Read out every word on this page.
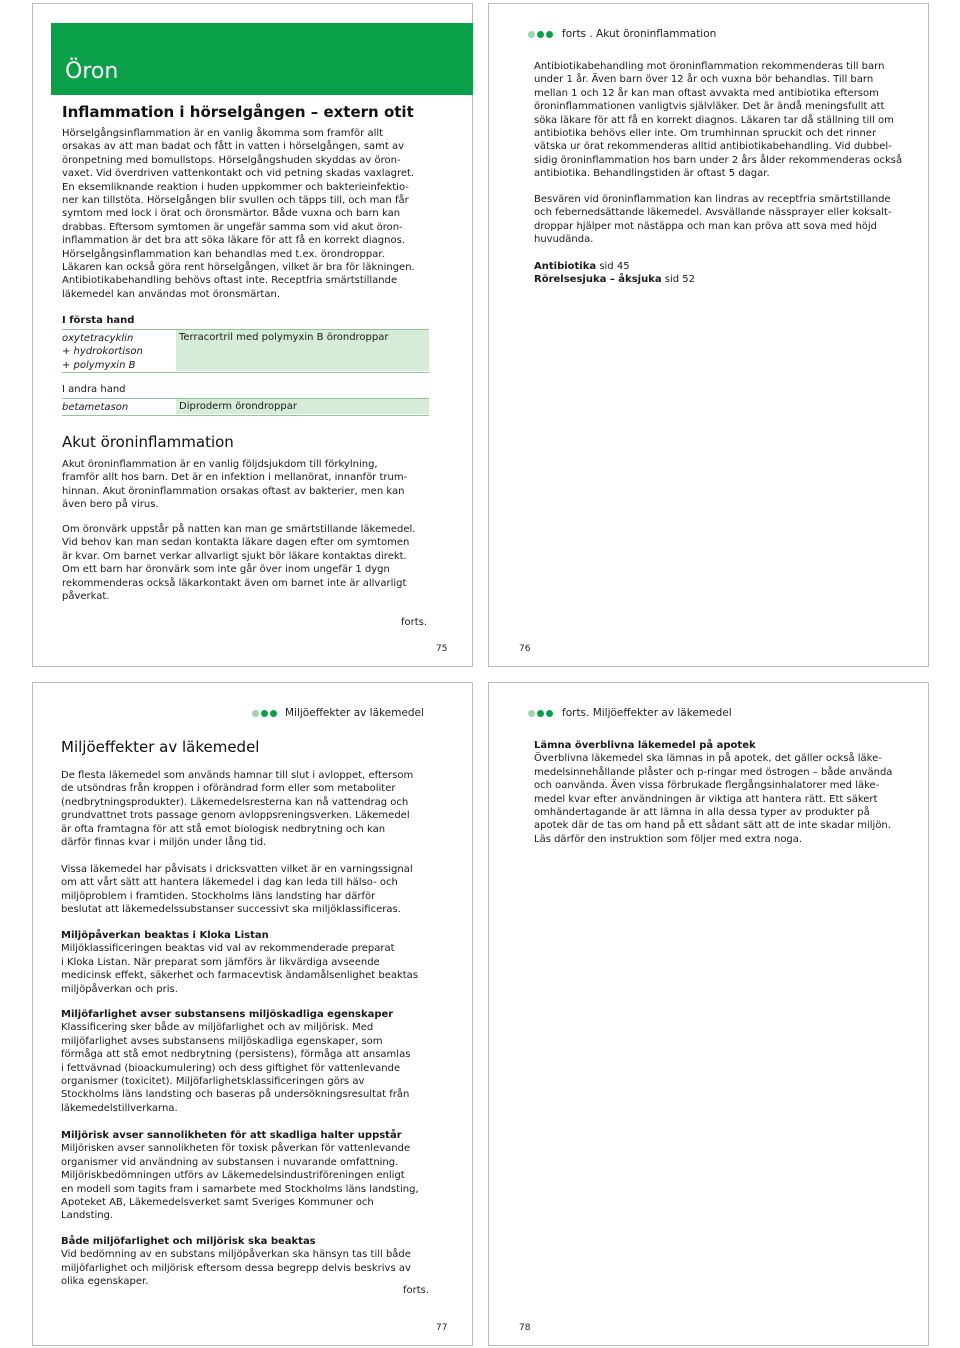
Öron
Inflammation i hörselgången – extern otit
Hörselgångsinflammation är en vanlig åkomma som framför allt
orsakas av att man badat och fått in vatten i hörselgången, samt av
öronpetning med bomullstops. Hörselgångshuden skyddas av öron-
vaxet. Vid överdriven vattenkontakt och vid petning skadas vaxlagret.
En eksemliknande reaktion i huden uppkommer och bakterieinfektio-
ner kan tillstöta. Hörselgången blir svullen och täpps till, och man får
symtom med lock i örat och öronsmärtor. Både vuxna och barn kan
drabbas. Eftersom symtomen är ungefär samma som vid akut öron-
inflammation är det bra att söka läkare för att få en korrekt diagnos.
Hörselgångsinflammation kan behandlas med t.ex. örondroppar.
Läkaren kan också göra rent hörselgången, vilket är bra för läkningen.
Antibiotikabehandling behövs oftast inte. Receptfria smärtstillande
läkemedel kan användas mot öronsmärtan.
I första hand
oxytetracyklin
+ hydrokortison
+ polymyxin B
Terracortril med polymyxin B örondroppar
I andra hand
betametason	Diproderm örondroppar
Akut öroninflammation
Akut öroninflammation är en vanlig följdsjukdom till förkylning,
framför allt hos barn. Det är en infektion i mellanörat, innanför trum-
hinnan. Akut öroninflammation orsakas oftast av bakterier, men kan
även bero på virus.
Om öronvärk uppstår på natten kan man ge smärtstillande läkemedel.
Vid behov kan man sedan kontakta läkare dagen efter om symtomen
är kvar. Om barnet verkar allvarligt sjukt bör läkare kontaktas direkt.
Om ett barn har öronvärk som inte går över inom ungefär 1 dygn
rekommenderas också läkarkontakt även om barnet inte är allvarligt
påverkat.
forts.
75
forts . Akut öroninflammation
Antibiotikabehandling mot öroninflammation rekommenderas till barn
under 1 år. Även barn över 12 år och vuxna bör behandlas. Till barn
mellan 1 och 12 år kan man oftast avvakta med antibiotika eftersom
öroninflammationen vanligtvis självläker. Det är ändå meningsfullt att
söka läkare för att få en korrekt diagnos. Läkaren tar då ställning till om
antibiotika behövs eller inte. Om trumhinnan spruckit och det rinner
vätska ur örat rekommenderas alltid antibiotikabehandling. Vid dubbel-
sidig öroninflammation hos barn under 2 års ålder rekommenderas också
antibiotika. Behandlingstiden är oftast 5 dagar.
Besvären vid öroninflammation kan lindras av receptfria smärtstillande
och febernedsättande läkemedel. Avsvällande nässprayer eller koksalt-
droppar hjälper mot nästäppa och man kan pröva att sova med höjd
huvudända.
Antibiotika sid 45
Rörelsesjuka – åksjuka sid 52
76
Miljöeffekter av läkemedel
Miljöeffekter av läkemedel
De flesta läkemedel som används hamnar till slut i avloppet, eftersom
de utsöndras från kroppen i oförändrad form eller som metaboliter
(nedbrytningsprodukter). Läkemedelsresterna kan nå vattendrag och
grundvattnet trots passage genom avloppsreningsverken. Läkemedel
är ofta framtagna för att stå emot biologisk nedbrytning och kan
därför finnas kvar i miljön under lång tid.
Vissa läkemedel har påvisats i dricksvatten vilket är en varningssignal
om att vårt sätt att hantera läkemedel i dag kan leda till hälso- och
miljöproblem i framtiden. Stockholms läns landsting har därför
beslutat att läkemedelssubstanser successivt ska miljöklassificeras.
Miljöpåverkan beaktas i Kloka Listan
Miljöklassificeringen beaktas vid val av rekommenderade preparat
i Kloka Listan. När preparat som jämförs är likvärdiga avseende
medicinsk effekt, säkerhet och farmacevtisk ändamålsenlighet beaktas
miljöpåverkan och pris.
Miljöfarlighet avser substansens miljöskadliga egenskaper
Klassificering sker både av miljöfarlighet och av miljörisk. Med
miljöfarlighet avses substansens miljöskadliga egenskaper, som
förmåga att stå emot nedbrytning (persistens), förmåga att ansamlas
i fettvävnad (bioackumulering) och dess giftighet för vattenlevande
organismer (toxicitet). Miljöfarlighetsklassificeringen görs av
Stockholms läns landsting och baseras på undersökningsresultat från
läkemedelstillverkarna.
Miljörisk avser sannolikheten för att skadliga halter uppstår
Miljörisken avser sannolikheten för toxisk påverkan för vattenlevande
organismer vid användning av substansen i nuvarande omfattning.
Miljöriskbedömningen utförs av Läkemedelsindustriföreningen enligt
en modell som tagits fram i samarbete med Stockholms läns landsting,
Apoteket AB, Läkemedelsverket samt Sveriges Kommuner och
Landsting.
Både miljöfarlighet och miljörisk ska beaktas
Vid bedömning av en substans miljöpåverkan ska hänsyn tas till både
miljöfarlighet och miljörisk eftersom dessa begrepp delvis beskrivs av
olika egenskaper.
forts.
77
forts. Miljöeffekter av läkemedel
Lämna överblivna läkemedel på apotek
Överblivna läkemedel ska lämnas in på apotek, det gäller också läke-
medelsinnehållande plåster och p-ringar med östrogen – både använda
och oanvända. Även vissa förbrukade flergångsinhalatorer med läke-
medel kvar efter användningen är viktiga att hantera rätt. Ett säkert
omhändertagande är att lämna in alla dessa typer av produkter på
apotek där de tas om hand på ett sådant sätt att de inte skadar miljön.
Läs därför den instruktion som följer med extra noga.
78
